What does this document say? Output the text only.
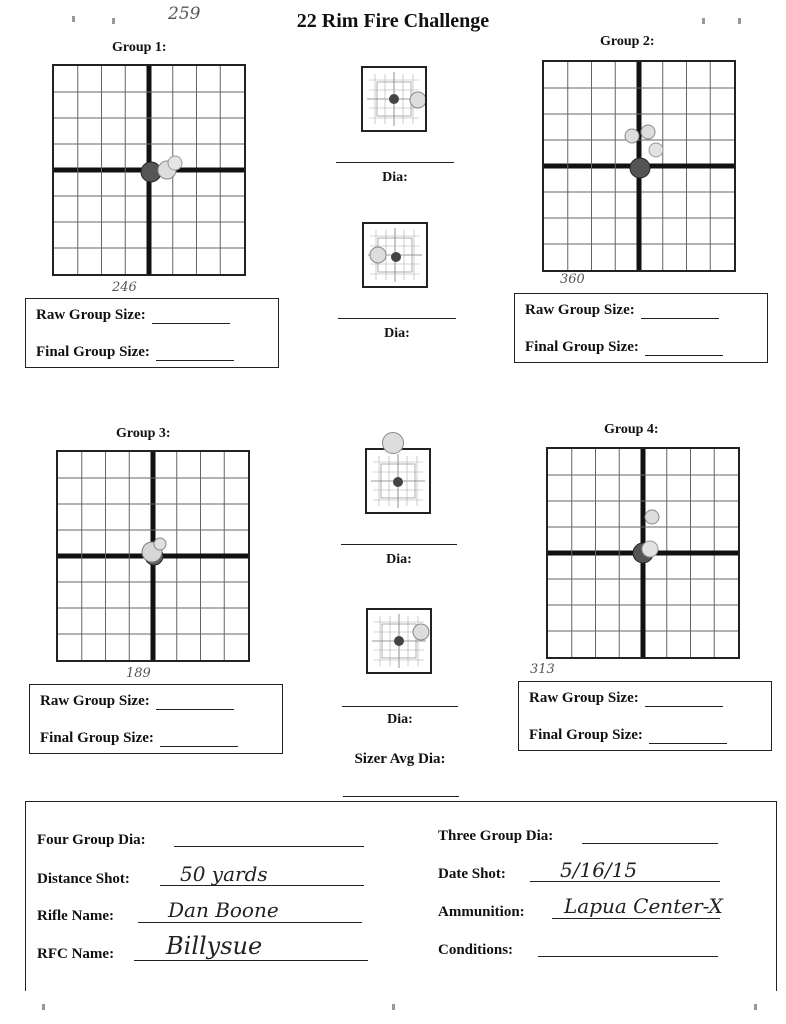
22 Rim Fire Challenge
259
Group 1:
246
Raw Group Size:
Final Group Size:
Group 2:
360
Raw Group Size:
Final Group Size:
Dia:
Dia:
Group 3:
189
Raw Group Size:
Final Group Size:
Group 4:
313
Raw Group Size:
Final Group Size:
Dia:
Dia:
Sizer Avg Dia:
Four Group Dia:	Three Group Dia:
Distance Shot:	50 yards	Date Shot:	5/16/15
Rifle Name:	Dan Boone	Ammunition: Lapua Center-X
RFC Name: Billysue	Conditions:
